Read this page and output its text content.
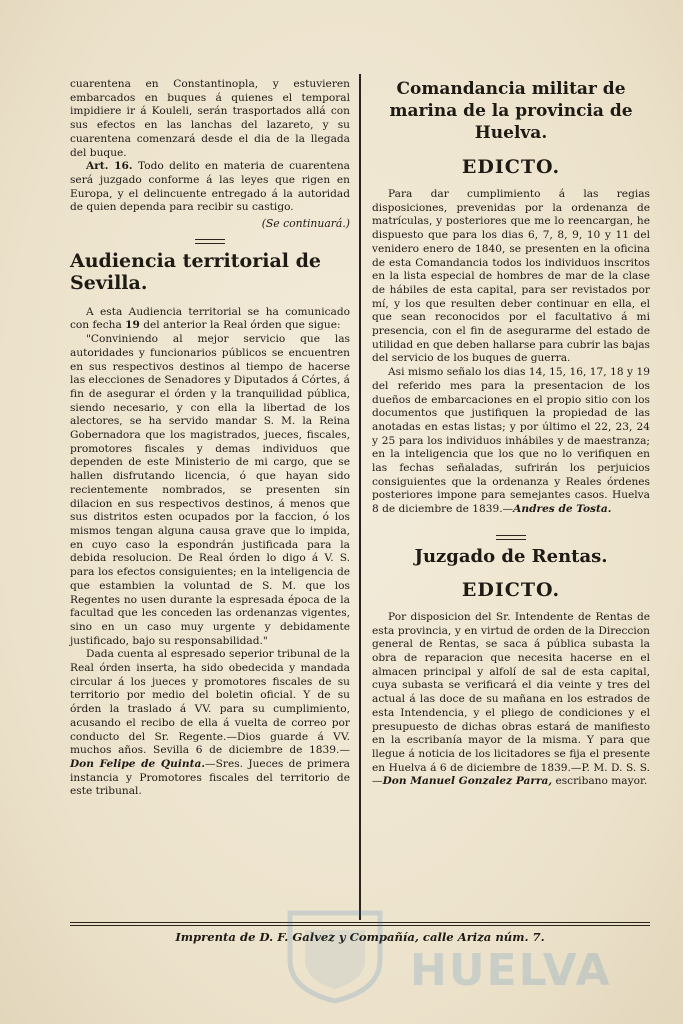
cuarentena en Constantinopla, y estuvieren embarcados en buques á quienes el temporal impidiere ir á Kouleli, serán trasportados allá con sus efectos en las lanchas del lazareto, y su cuarentena comenzará desde el dia de la llegada del buque.

Art. 16. Todo delito en materia de cuarentena será juzgado conforme á las leyes que rigen en Europa, y el delincuente entregado á la autoridad de quien dependa para recibir su castigo.

(Se continuará.)

Audiencia territorial de Sevilla.

A esta Audiencia territorial se ha comunicado con fecha 19 del anterior la Real órden que sigue:

"Conviniendo al mejor servicio que las autoridades y funcionarios públicos se encuentren en sus respectivos destinos al tiempo de hacerse las elecciones de Senadores y Diputados á Córtes, á fin de asegurar el órden y la tranquilidad pública, siendo necesario, y con ella la libertad de los alectores, se ha servido mandar S. M. la Reina Gobernadora que los magistrados, jueces, fiscales, promotores fiscales y demas individuos que dependen de este Ministerio de mi cargo, que se hallen disfrutando licencia, ó que hayan sido recientemente nombrados, se presenten sin dilacion en sus respectivos destinos, á menos que sus distritos esten ocupados por la faccion, ó los mismos tengan alguna causa grave que lo impida, en cuyo caso la espondrán justificada para la debida resolucion. De Real órden lo digo á V. S. para los efectos consiguientes; en la inteligencia de que estambien la voluntad de S. M. que los Regentes no usen durante la espresada época de la facultad que les conceden las ordenanzas vigentes, sino en un caso muy urgente y debidamente justificado, bajo su responsabilidad."

Dada cuenta al espresado seperior tribunal de la Real órden inserta, ha sido obedecida y mandada circular á los jueces y promotores fiscales de su territorio por medio del boletin oficial. Y de su órden la traslado á VV. para su cumplimiento, acusando el recibo de ella á vuelta de correo por conducto del Sr. Regente.—Dios guarde á VV. muchos años. Sevilla 6 de diciembre de 1839.—Don Felipe de Quinta.—Sres. Jueces de primera instancia y Promotores fiscales del territorio de este tribunal.

Comandancia militar de marina de la provincia de Huelva.
EDICTO.

Para dar cumplimiento á las regias disposiciones, prevenidas por la ordenanza de matrículas, y posteriores que me lo reencargan, he dispuesto que para los dias 6, 7, 8, 9, 10 y 11 del venidero enero de 1840, se presenten en la oficina de esta Comandancia todos los individuos inscritos en la lista especial de hombres de mar de la clase de hábiles de esta capital, para ser revistados por mí, y los que resulten deber continuar en ella, el que sean reconocidos por el facultativo á mi presencia, con el fin de asegurarme del estado de utilidad en que deben hallarse para cubrir las bajas del servicio de los buques de guerra.

Asi mismo señalo los dias 14, 15, 16, 17, 18 y 19 del referido mes para la presentacion de los dueños de embarcaciones en el propio sitio con los documentos que justifiquen la propiedad de las anotadas en estas listas; y por último el 22, 23, 24 y 25 para los individuos inhábiles y de maestranza; en la inteligencia que los que no lo verifiquen en las fechas señaladas, sufrirán los perjuicios consiguientes que la ordenanza y Reales órdenes posteriores impone para semejantes casos. Huelva 8 de diciembre de 1839.—Andres de Tosta.

Juzgado de Rentas.
EDICTO.

Por disposicion del Sr. Intendente de Rentas de esta provincia, y en virtud de orden de la Direccion general de Rentas, se saca á pública subasta la obra de reparacion que necesita hacerse en el almacen principal y alfolí de sal de esta capital, cuya subasta se verificará el dia veinte y tres del actual á las doce de su mañana en los estrados de esta Intendencia, y el pliego de condiciones y el presupuesto de dichas obras estará de manifiesto en la escribanía mayor de la misma. Y para que llegue á noticia de los licitadores se fija el presente en Huelva á 6 de diciembre de 1839.—P. M. D. S. S.—Don Manuel Gonzalez Parra, escribano mayor.

Imprenta de D. F. Galvez y Compañía, calle Ariza núm. 7.
HUELVA
